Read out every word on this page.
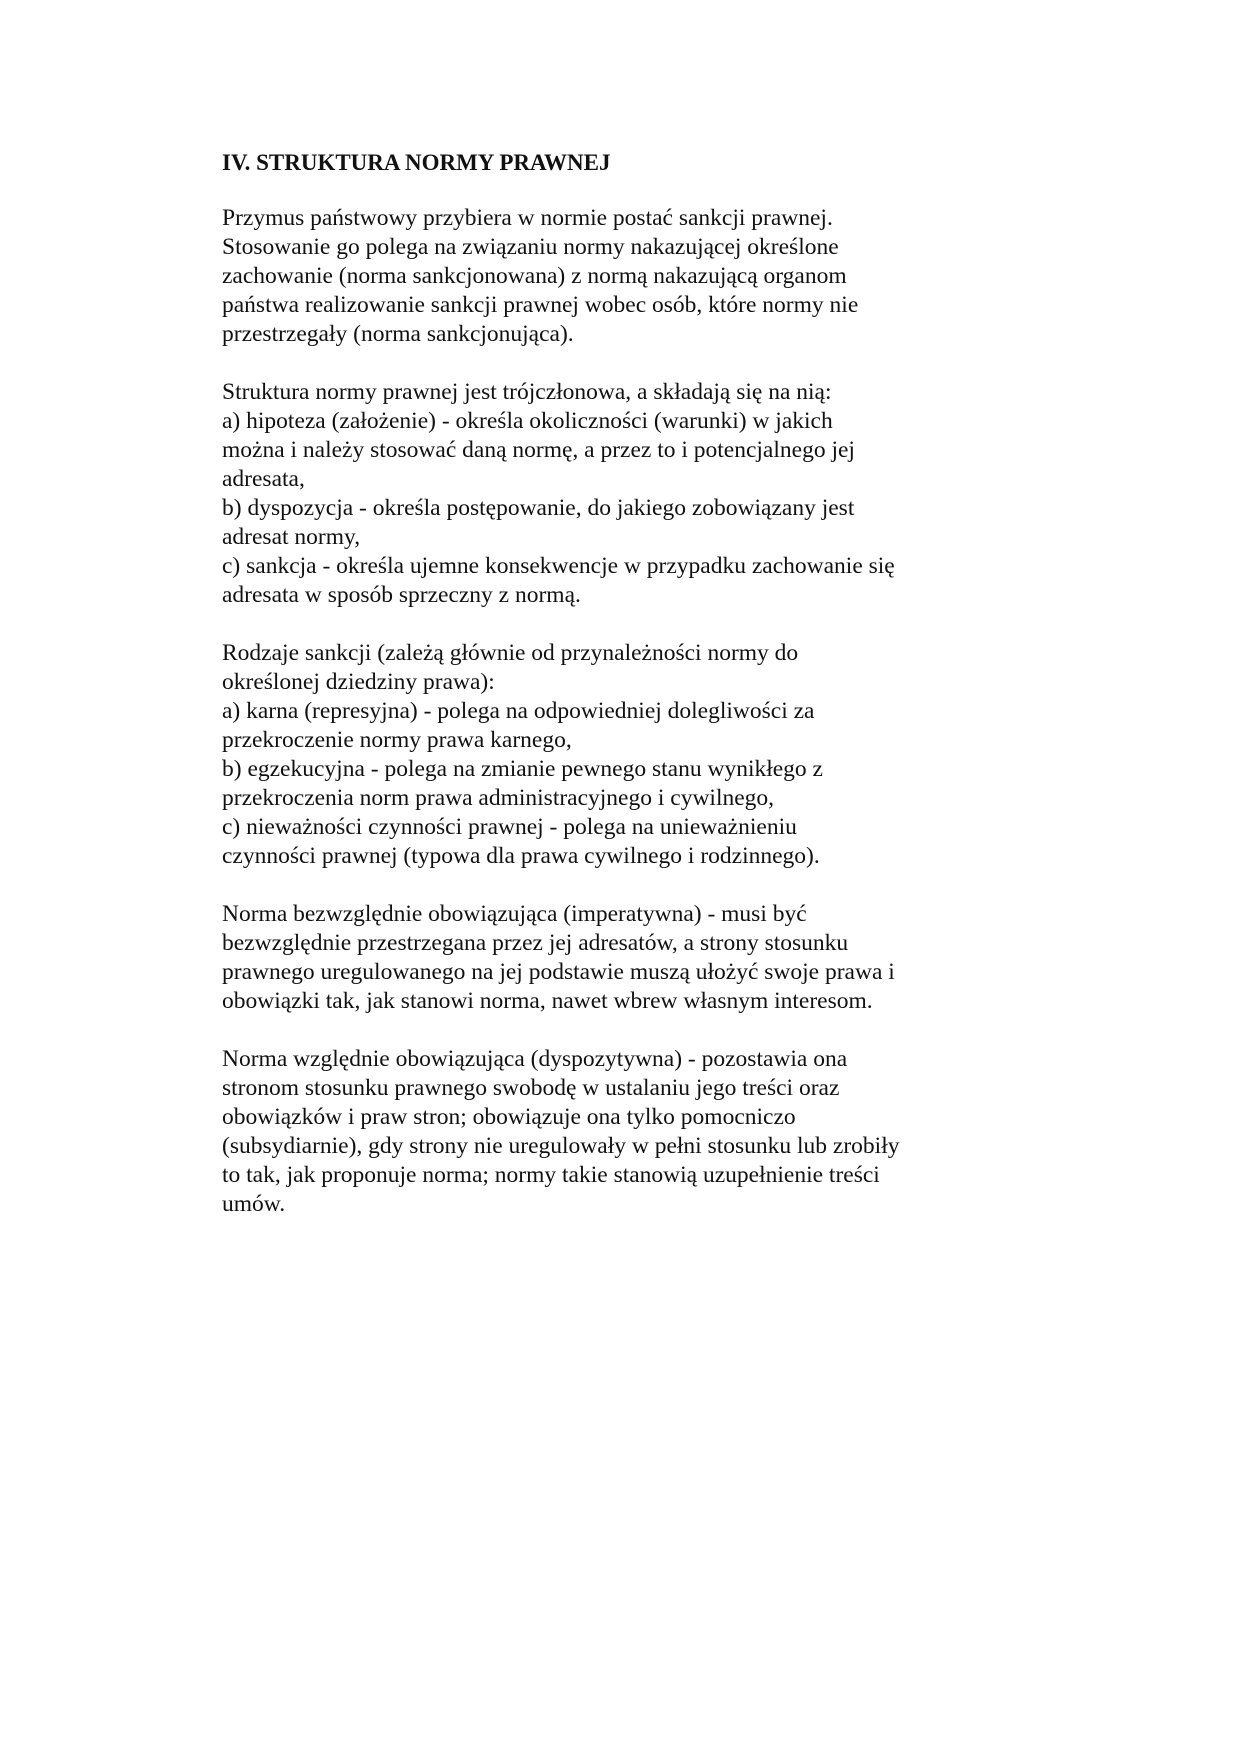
IV. STRUKTURA NORMY PRAWNEJ
Przymus państwowy przybiera w normie postać sankcji prawnej.
Stosowanie go polega na związaniu normy nakazującej określone
zachowanie (norma sankcjonowana) z normą nakazującą organom
państwa realizowanie sankcji prawnej wobec osób, które normy nie
przestrzegały (norma sankcjonująca).
Struktura normy prawnej jest trójczłonowa, a składają się na nią:
a) hipoteza (założenie) - określa okoliczności (warunki) w jakich
można i należy stosować daną normę, a przez to i potencjalnego jej
adresata,
b) dyspozycja - określa postępowanie, do jakiego zobowiązany jest
adresat normy,
c) sankcja - określa ujemne konsekwencje w przypadku zachowanie się
adresata w sposób sprzeczny z normą.
Rodzaje sankcji (zależą głównie od przynależności normy do
określonej dziedziny prawa):
a) karna (represyjna) - polega na odpowiedniej dolegliwości za
przekroczenie normy prawa karnego,
b) egzekucyjna - polega na zmianie pewnego stanu wynikłego z
przekroczenia norm prawa administracyjnego i cywilnego,
c) nieważności czynności prawnej - polega na unieważnieniu
czynności prawnej (typowa dla prawa cywilnego i rodzinnego).
Norma bezwzględnie obowiązująca (imperatywna) - musi być
bezwzględnie przestrzegana przez jej adresatów, a strony stosunku
prawnego uregulowanego na jej podstawie muszą ułożyć swoje prawa i
obowiązki tak, jak stanowi norma, nawet wbrew własnym interesom.
Norma względnie obowiązująca (dyspozytywna) - pozostawia ona
stronom stosunku prawnego swobodę w ustalaniu jego treści oraz
obowiązków i praw stron; obowiązuje ona tylko pomocniczo
(subsydiarnie), gdy strony nie uregulowały w pełni stosunku lub zrobiły
to tak, jak proponuje norma; normy takie stanowią uzupełnienie treści
umów.
